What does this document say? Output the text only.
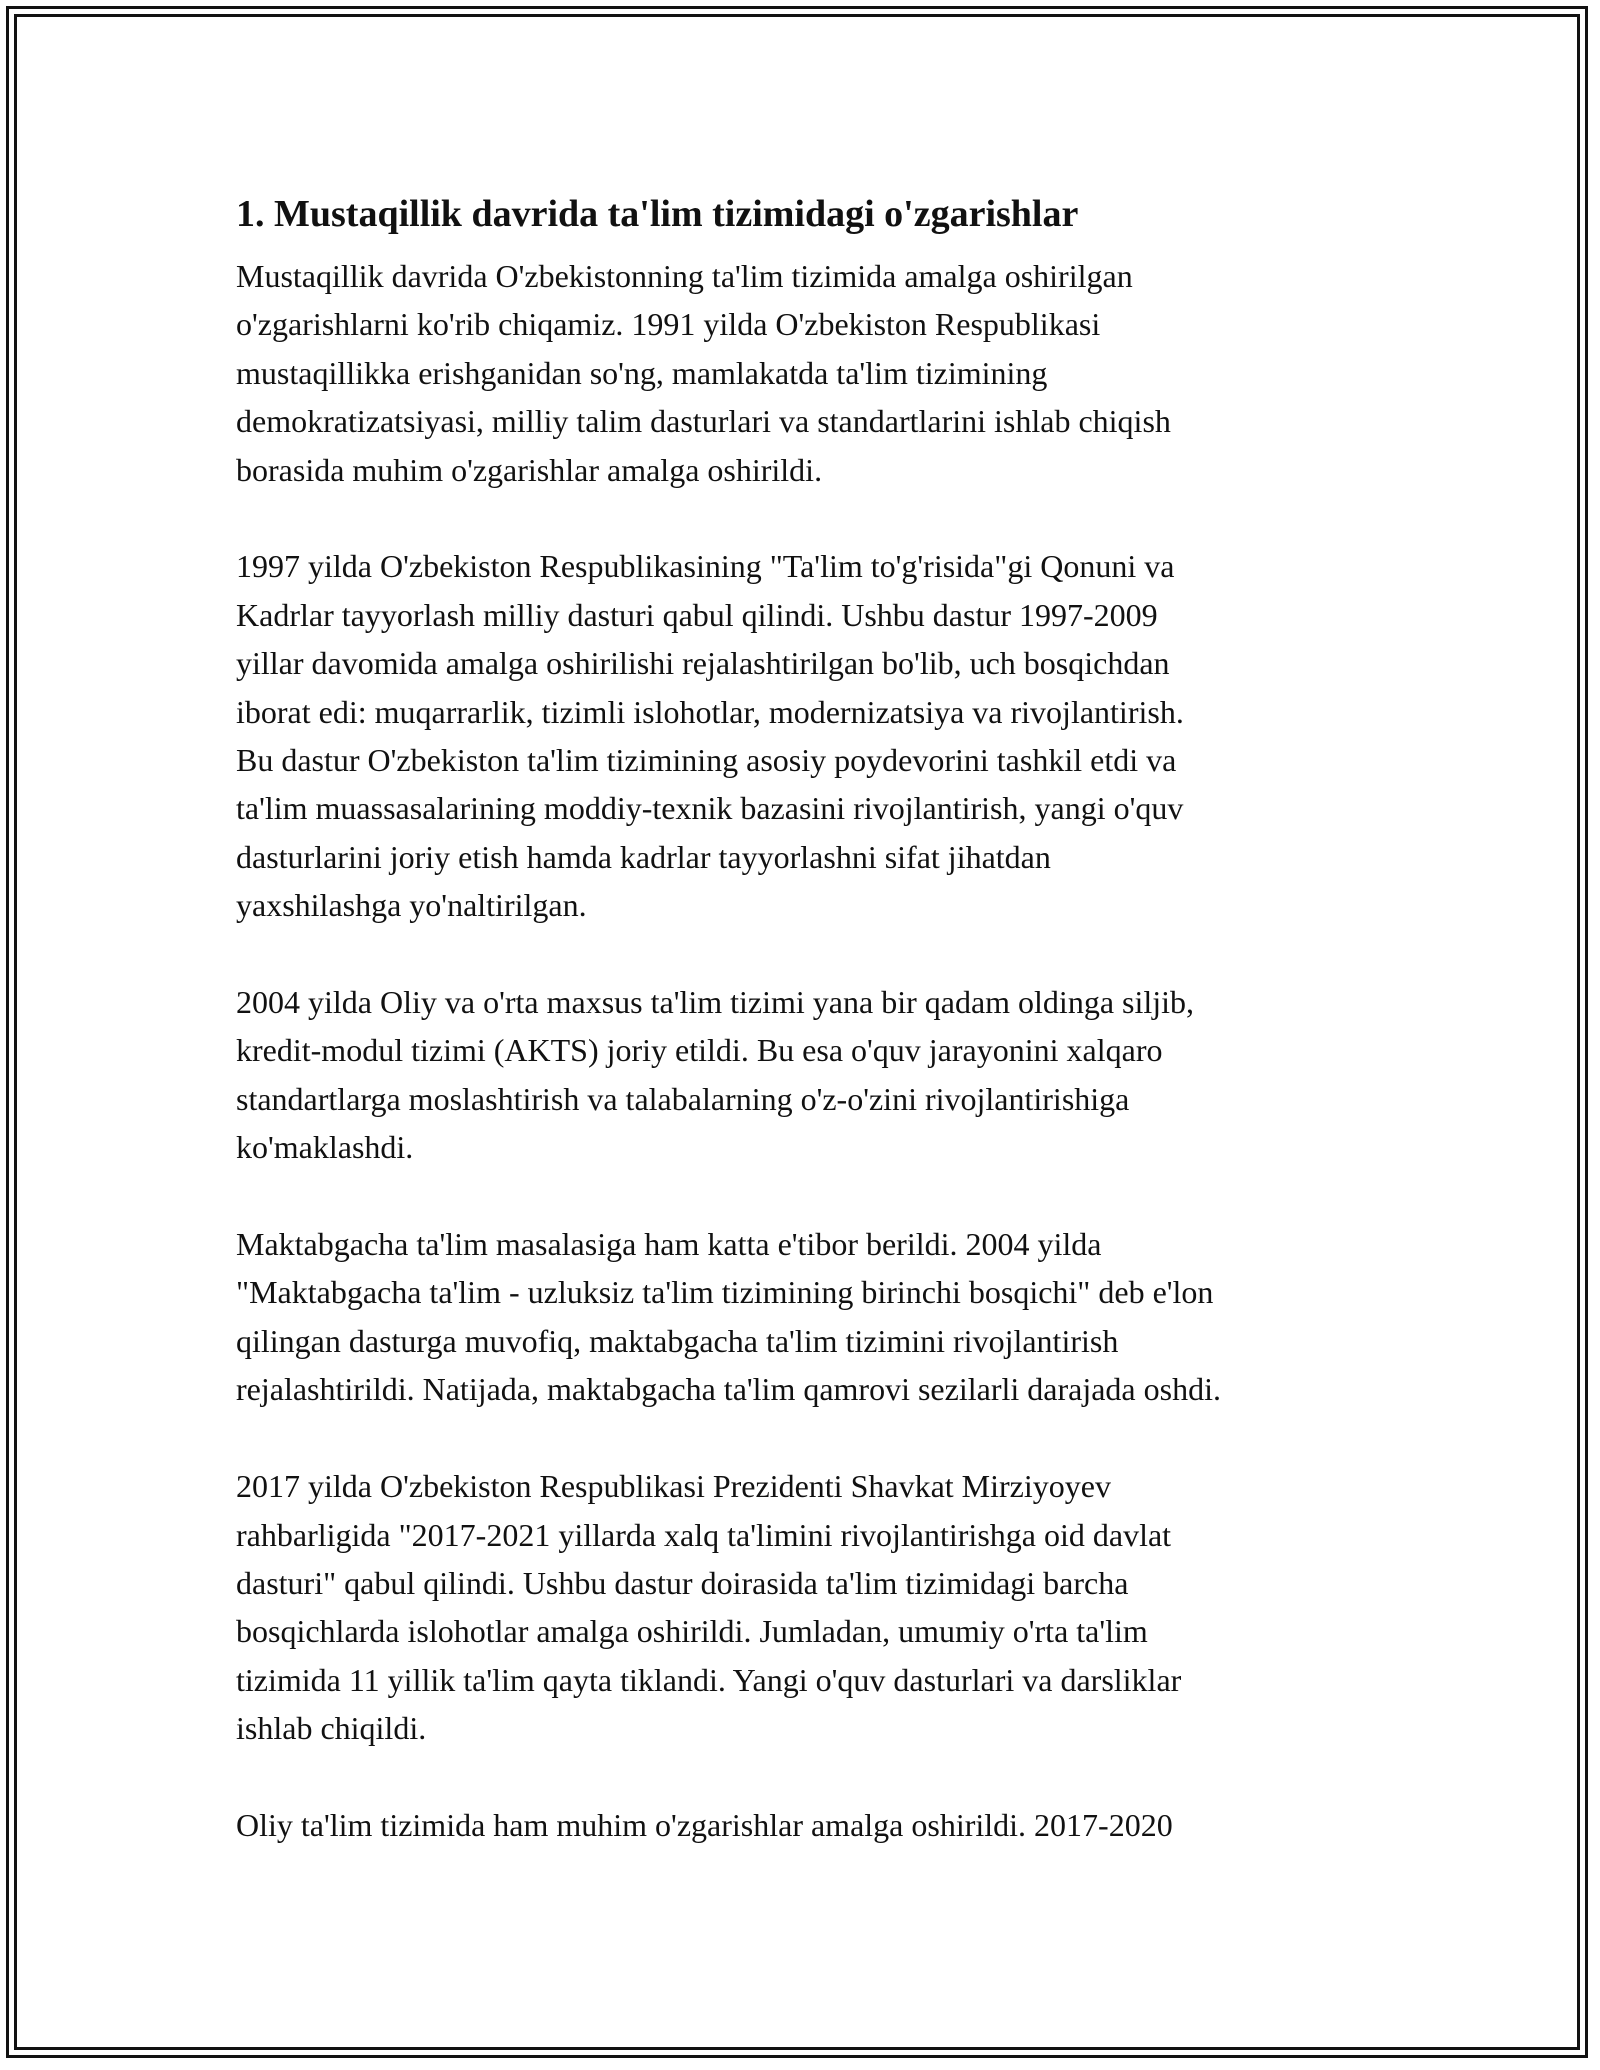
1. Mustaqillik davrida ta'lim tizimidagi o'zgarishlar

Mustaqillik davrida O'zbekistonning ta'lim tizimida amalga oshirilgan
o'zgarishlarni ko'rib chiqamiz. 1991 yilda O'zbekiston Respublikasi
mustaqillikka erishganidan so'ng, mamlakatda ta'lim tizimining
demokratizatsiyasi, milliy talim dasturlari va standartlarini ishlab chiqish
borasida muhim o'zgarishlar amalga oshirildi.

1997 yilda O'zbekiston Respublikasining "Ta'lim to'g'risida"gi Qonuni va
Kadrlar tayyorlash milliy dasturi qabul qilindi. Ushbu dastur 1997-2009
yillar davomida amalga oshirilishi rejalashtirilgan bo'lib, uch bosqichdan
iborat edi: muqarrarlik, tizimli islohotlar, modernizatsiya va rivojlantirish.
Bu dastur O'zbekiston ta'lim tizimining asosiy poydevorini tashkil etdi va
ta'lim muassasalarining moddiy-texnik bazasini rivojlantirish, yangi o'quv
dasturlarini joriy etish hamda kadrlar tayyorlashni sifat jihatdan
yaxshilashga yo'naltirilgan.

2004 yilda Oliy va o'rta maxsus ta'lim tizimi yana bir qadam oldinga siljib,
kredit-modul tizimi (AKTS) joriy etildi. Bu esa o'quv jarayonini xalqaro
standartlarga moslashtirish va talabalarning o'z-o'zini rivojlantirishiga
ko'maklashdi.

Maktabgacha ta'lim masalasiga ham katta e'tibor berildi. 2004 yilda
"Maktabgacha ta'lim - uzluksiz ta'lim tizimining birinchi bosqichi" deb e'lon
qilingan dasturga muvofiq, maktabgacha ta'lim tizimini rivojlantirish
rejalashtirildi. Natijada, maktabgacha ta'lim qamrovi sezilarli darajada oshdi.

2017 yilda O'zbekiston Respublikasi Prezidenti Shavkat Mirziyoyev
rahbarligida "2017-2021 yillarda xalq ta'limini rivojlantirishga oid davlat
dasturi" qabul qilindi. Ushbu dastur doirasida ta'lim tizimidagi barcha
bosqichlarda islohotlar amalga oshirildi. Jumladan, umumiy o'rta ta'lim
tizimida 11 yillik ta'lim qayta tiklandi. Yangi o'quv dasturlari va darsliklar
ishlab chiqildi.

Oliy ta'lim tizimida ham muhim o'zgarishlar amalga oshirildi. 2017-2020
